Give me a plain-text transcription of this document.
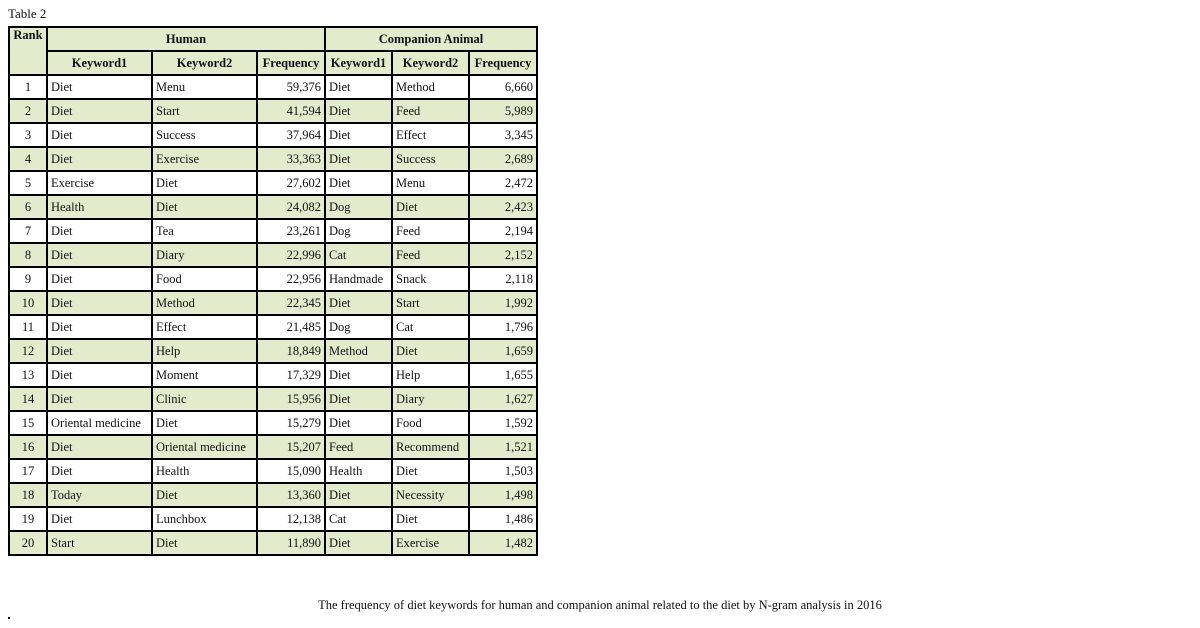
Table 2
Rank	Human			Companion Animal		
	Keyword1	Keyword2	Frequency	Keyword1	Keyword2	Frequency
1	Diet	Menu	59,376	Diet	Method	6,660
2	Diet	Start	41,594	Diet	Feed	5,989
3	Diet	Success	37,964	Diet	Effect	3,345
4	Diet	Exercise	33,363	Diet	Success	2,689
5	Exercise	Diet	27,602	Diet	Menu	2,472
6	Health	Diet	24,082	Dog	Diet	2,423
7	Diet	Tea	23,261	Dog	Feed	2,194
8	Diet	Diary	22,996	Cat	Feed	2,152
9	Diet	Food	22,956	Handmade	Snack	2,118
10	Diet	Method	22,345	Diet	Start	1,992
11	Diet	Effect	21,485	Dog	Cat	1,796
12	Diet	Help	18,849	Method	Diet	1,659
13	Diet	Moment	17,329	Diet	Help	1,655
14	Diet	Clinic	15,956	Diet	Diary	1,627
15	Oriental medicine	Diet	15,279	Diet	Food	1,592
16	Diet	Oriental medicine	15,207	Feed	Recommend	1,521
17	Diet	Health	15,090	Health	Diet	1,503
18	Today	Diet	13,360	Diet	Necessity	1,498
19	Diet	Lunchbox	12,138	Cat	Diet	1,486
20	Start	Diet	11,890	Diet	Exercise	1,482
The frequency of diet keywords for human and companion animal related to the diet by N-gram analysis in 2016
